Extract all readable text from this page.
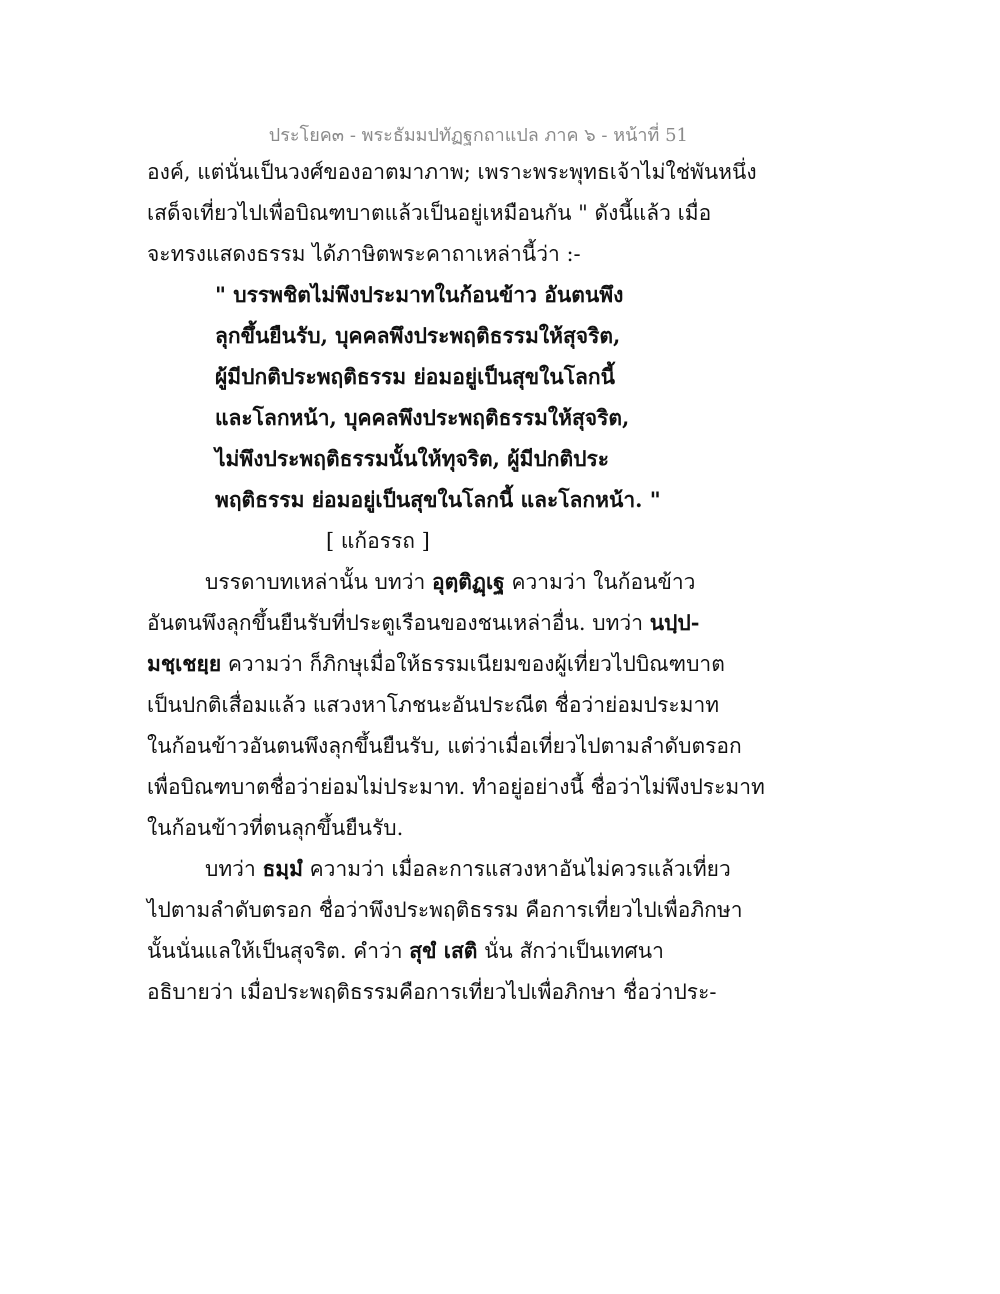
ประโยค๓ - พระธัมมปทัฏฐกถาแปล ภาค ๖ - หน้าที่ 51
องค์, แต่นั่นเป็นวงศ์ของอาตมาภาพ; เพราะพระพุทธเจ้าไม่ใช่พันหนึ่ง
เสด็จเที่ยวไปเพื่อบิณฑบาตแล้วเป็นอยู่เหมือนกัน " ดังนี้แล้ว เมื่อ
จะทรงแสดงธรรม ได้ภาษิตพระคาถาเหล่านี้ว่า :-
" บรรพชิตไม่พึงประมาทในก้อนข้าว อันตนพึง
ลุกขึ้นยืนรับ, บุคคลพึงประพฤติธรรมให้สุจริต,
ผู้มีปกติประพฤติธรรม ย่อมอยู่เป็นสุขในโลกนี้
และโลกหน้า, บุคคลพึงประพฤติธรรมให้สุจริต,
ไม่พึงประพฤติธรรมนั้นให้ทุจริต, ผู้มีปกติประ
พฤติธรรม ย่อมอยู่เป็นสุขในโลกนี้ และโลกหน้า. "
[ แก้อรรถ ]
บรรดาบทเหล่านั้น บทว่า อุตฺติฏฺเฐ ความว่า ในก้อนข้าว
อันตนพึงลุกขึ้นยืนรับที่ประตูเรือนของชนเหล่าอื่น. บทว่า นปฺป-
มชฺเชยฺย ความว่า ก็ภิกษุเมื่อให้ธรรมเนียมของผู้เที่ยวไปบิณฑบาต
เป็นปกติเสื่อมแล้ว แสวงหาโภชนะอันประณีต ชื่อว่าย่อมประมาท
ในก้อนข้าวอันตนพึงลุกขึ้นยืนรับ, แต่ว่าเมื่อเที่ยวไปตามลำดับตรอก
เพื่อบิณฑบาตชื่อว่าย่อมไม่ประมาท. ทำอยู่อย่างนี้ ชื่อว่าไม่พึงประมาท
ในก้อนข้าวที่ตนลุกขึ้นยืนรับ.
บทว่า ธมฺมํ ความว่า เมื่อละการแสวงหาอันไม่ควรแล้วเที่ยว
ไปตามลำดับตรอก ชื่อว่าพึงประพฤติธรรม คือการเที่ยวไปเพื่อภิกษา
นั้นนั่นแลให้เป็นสุจริต. คำว่า สุขํ เสติ นั่น สักว่าเป็นเทศนา
อธิบายว่า เมื่อประพฤติธรรมคือการเที่ยวไปเพื่อภิกษา ชื่อว่าประ-
